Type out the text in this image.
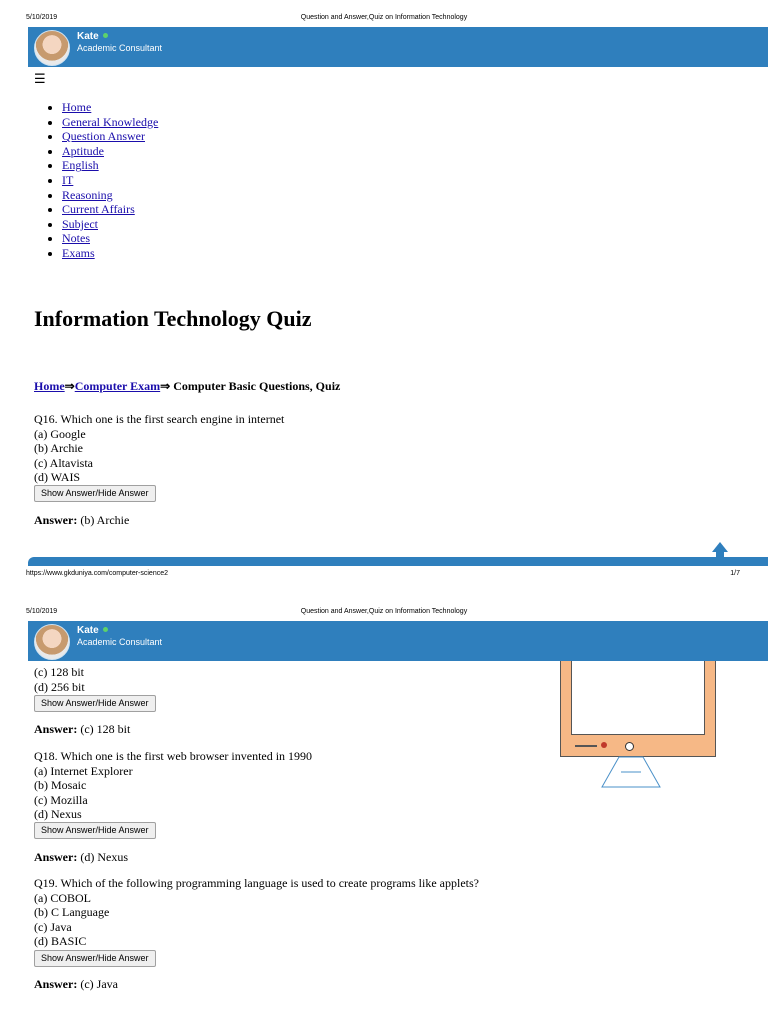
5/10/2019	Question and Answer,Quiz on Information Technology
Kate
Academic Consultant
☰
• Home
• General Knowledge
• Question Answer
• Aptitude
• English
• IT
• Reasoning
• Current Affairs
• Subject
• Notes
• Exams
Information Technology Quiz
Home⇒Computer Exam⇒ Computer Basic Questions, Quiz
Q16. Which one is the first search engine in internet
(a) Google
(b) Archie
(c) Altavista
(d) WAIS
Show Answer/Hide Answer
Answer: (b) Archie
https://www.gkduniya.com/computer-science2	1/7
5/10/2019	Question and Answer,Quiz on Information Technology
Kate
Academic Consultant
(c) 128 bit
(d) 256 bit
Show Answer/Hide Answer
Answer: (c) 128 bit
Q18. Which one is the first web browser invented in 1990
(a) Internet Explorer
(b) Mosaic
(c) Mozilla
(d) Nexus
Show Answer/Hide Answer
Answer: (d) Nexus
Q19. Which of the following programming language is used to create programs like applets?
(a) COBOL
(b) C Language
(c) Java
(d) BASIC
Show Answer/Hide Answer
Answer: (c) Java
